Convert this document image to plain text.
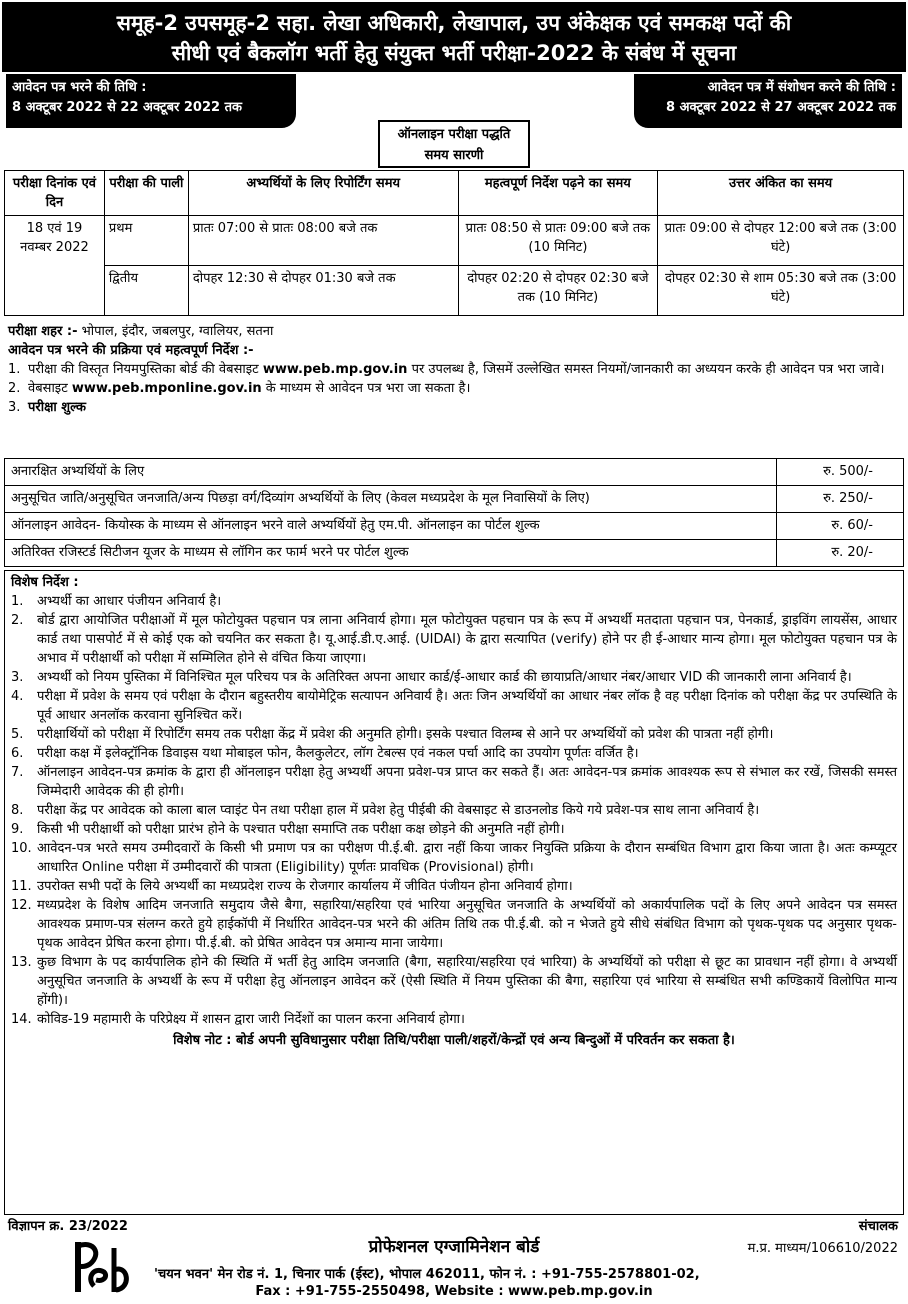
समूह-2 उपसमूह-2 सहा. लेखा अधिकारी, लेखापाल, उप अंकेक्षक एवं समकक्ष पदों की
सीधी एवं बैकलॉग भर्ती हेतु संयुक्त भर्ती परीक्षा-2022 के संबंध में सूचना
आवेदन पत्र भरने की तिथि :
8 अक्टूबर 2022 से 22 अक्टूबर 2022 तक
आवेदन पत्र में संशोधन करने की तिथि :
8 अक्टूबर 2022 से 27 अक्टूबर 2022 तक
ऑनलाइन परीक्षा पद्धति
समय सारणी
परीक्षा दिनांक एवं दिन	परीक्षा की पाली	अभ्यर्थियों के लिए रिपोर्टिंग समय	महत्वपूर्ण निर्देश पढ़ने का समय	उत्तर अंकित का समय
18 एवं 19 नवम्बर 2022	प्रथम	प्रातः 07:00 से प्रातः 08:00 बजे तक	प्रातः 08:50 से प्रातः 09:00 बजे तक (10 मिनिट)	प्रातः 09:00 से दोपहर 12:00 बजे तक (3:00 घंटे)
	द्वितीय	दोपहर 12:30 से दोपहर 01:30 बजे तक	दोपहर 02:20 से दोपहर 02:30 बजे तक (10 मिनिट)	दोपहर 02:30 से शाम 05:30 बजे तक (3:00 घंटे)
परीक्षा शहर :- भोपाल, इंदौर, जबलपुर, ग्वालियर, सतना
आवेदन पत्र भरने की प्रक्रिया एवं महत्वपूर्ण निर्देश :-
1. परीक्षा की विस्तृत नियमपुस्तिका बोर्ड की वेबसाइट www.peb.mp.gov.in पर उपलब्ध है, जिसमें उल्लेखित समस्त नियमों/जानकारी का अध्ययन करके ही आवेदन पत्र भरा जावे।
2. वेबसाइट www.peb.mponline.gov.in के माध्यम से आवेदन पत्र भरा जा सकता है।
3. परीक्षा शुल्क
अनारक्षित अभ्यर्थियों के लिए	रु. 500/-
अनुसूचित जाति/अनुसूचित जनजाति/अन्य पिछड़ा वर्ग/दिव्यांग अभ्यर्थियों के लिए (केवल मध्यप्रदेश के मूल निवासियों के लिए)	रु. 250/-
ऑनलाइन आवेदन- कियोस्क के माध्यम से ऑनलाइन भरने वाले अभ्यर्थियों हेतु एम.पी. ऑनलाइन का पोर्टल शुल्क	रु. 60/-
अतिरिक्त रजिस्टर्ड सिटीजन यूजर के माध्यम से लॉगिन कर फार्म भरने पर पोर्टल शुल्क	रु. 20/-
विशेष निर्देश :
1.	अभ्यर्थी का आधार पंजीयन अनिवार्य है।
2.	बोर्ड द्वारा आयोजित परीक्षाओं में मूल फोटोयुक्त पहचान पत्र लाना अनिवार्य होगा। मूल फोटोयुक्त पहचान पत्र के रूप में अभ्यर्थी मतदाता पहचान पत्र, पेनकार्ड, ड्राइविंग लायसेंस, आधार कार्ड तथा पासपोर्ट में से कोई एक को चयनित कर सकता है। यू.आई.डी.ए.आई. (UIDAI) के द्वारा सत्यापित (verify) होने पर ही ई-आधार मान्य होगा। मूल फोटोयुक्त पहचान पत्र के अभाव में परीक्षार्थी को परीक्षा में सम्मिलित होने से वंचित किया जाएगा।
3.	अभ्यर्थी को नियम पुस्तिका में विनिश्चित मूल परिचय पत्र के अतिरिक्त अपना आधार कार्ड/ई-आधार कार्ड की छायाप्रति/आधार नंबर/आधार VID की जानकारी लाना अनिवार्य है।
4.	परीक्षा में प्रवेश के समय एवं परीक्षा के दौरान बहुस्तरीय बायोमेट्रिक सत्यापन अनिवार्य है। अतः जिन अभ्यर्थियों का आधार नंबर लॉक है वह परीक्षा दिनांक को परीक्षा केंद्र पर उपस्थिति के पूर्व आधार अनलॉक करवाना सुनिश्चित करें।
5.	परीक्षार्थियों को परीक्षा में रिपोर्टिंग समय तक परीक्षा केंद्र में प्रवेश की अनुमति होगी। इसके पश्चात विलम्ब से आने पर अभ्यर्थियों को प्रवेश की पात्रता नहीं होगी।
6.	परीक्षा कक्ष में इलेक्ट्रॉनिक डिवाइस यथा मोबाइल फोन, कैलकुलेटर, लॉग टेबल्स एवं नकल पर्चा आदि का उपयोग पूर्णतः वर्जित है।
7.	ऑनलाइन आवेदन-पत्र क्रमांक के द्वारा ही ऑनलाइन परीक्षा हेतु अभ्यर्थी अपना प्रवेश-पत्र प्राप्त कर सकते हैं। अतः आवेदन-पत्र क्रमांक आवश्यक रूप से संभाल कर रखें, जिसकी समस्त जिम्मेदारी आवेदक की ही होगी।
8.	परीक्षा केंद्र पर आवेदक को काला बाल प्वाइंट पेन तथा परीक्षा हाल में प्रवेश हेतु पीईबी की वेबसाइट से डाउनलोड किये गये प्रवेश-पत्र साथ लाना अनिवार्य है।
9.	किसी भी परीक्षार्थी को परीक्षा प्रारंभ होने के पश्चात परीक्षा समाप्ति तक परीक्षा कक्ष छोड़ने की अनुमति नहीं होगी।
10. आवेदन-पत्र भरते समय उम्मीदवारों के किसी भी प्रमाण पत्र का परीक्षण पी.ई.बी. द्वारा नहीं किया जाकर नियुक्ति प्रक्रिया के दौरान सम्बंधित विभाग द्वारा किया जाता है। अतः कम्प्यूटर आधारित Online परीक्षा में उम्मीदवारों की पात्रता (Eligibility) पूर्णतः प्रावधिक (Provisional) होगी।
11. उपरोक्त सभी पदों के लिये अभ्यर्थी का मध्यप्रदेश राज्य के रोजगार कार्यालय में जीवित पंजीयन होना अनिवार्य होगा।
12. मध्यप्रदेश के विशेष आदिम जनजाति समुदाय जैसे बैगा, सहारिया/सहरिया एवं भारिया अनुसूचित जनजाति के अभ्यर्थियों को अकार्यपालिक पदों के लिए अपने आवेदन पत्र समस्त आवश्यक प्रमाण-पत्र संलग्न करते हुये हाईकॉपी में निर्धारित आवेदन-पत्र भरने की अंतिम तिथि तक पी.ई.बी. को न भेजते हुये सीधे संबंधित विभाग को पृथक-पृथक पद अनुसार पृथक-पृथक आवेदन प्रेषित करना होगा। पी.ई.बी. को प्रेषित आवेदन पत्र अमान्य माना जायेगा।
13. कुछ विभाग के पद कार्यपालिक होने की स्थिति में भर्ती हेतु आदिम जनजाति (बैगा, सहारिया/सहरिया एवं भारिया) के अभ्यर्थियों को परीक्षा से छूट का प्रावधान नहीं होगा। वे अभ्यर्थी अनुसूचित जनजाति के अभ्यर्थी के रूप में परीक्षा हेतु ऑनलाइन आवेदन करें (ऐसी स्थिति में नियम पुस्तिका की बैगा, सहारिया एवं भारिया से सम्बंधित सभी कण्डिकायें विलोपित मान्य होंगी)।
14. कोविड-19 महामारी के परिप्रेक्ष्य में शासन द्वारा जारी निर्देशों का पालन करना अनिवार्य होगा।
विशेष नोट : बोर्ड अपनी सुविधानुसार परीक्षा तिथि/परीक्षा पाली/शहरों/केन्द्रों एवं अन्य बिन्दुओं में परिवर्तन कर सकता है।
विज्ञापन क्र. 23/2022	संचालक
प्रोफेशनल एग्जामिनेशन बोर्ड	म.प्र. माध्यम/106610/2022
'चयन भवन' मेन रोड नं. 1, चिनार पार्क (ईस्ट), भोपाल 462011, फोन नं. : +91-755-2578801-02,
Fax : +91-755-2550498, Website : www.peb.mp.gov.in
